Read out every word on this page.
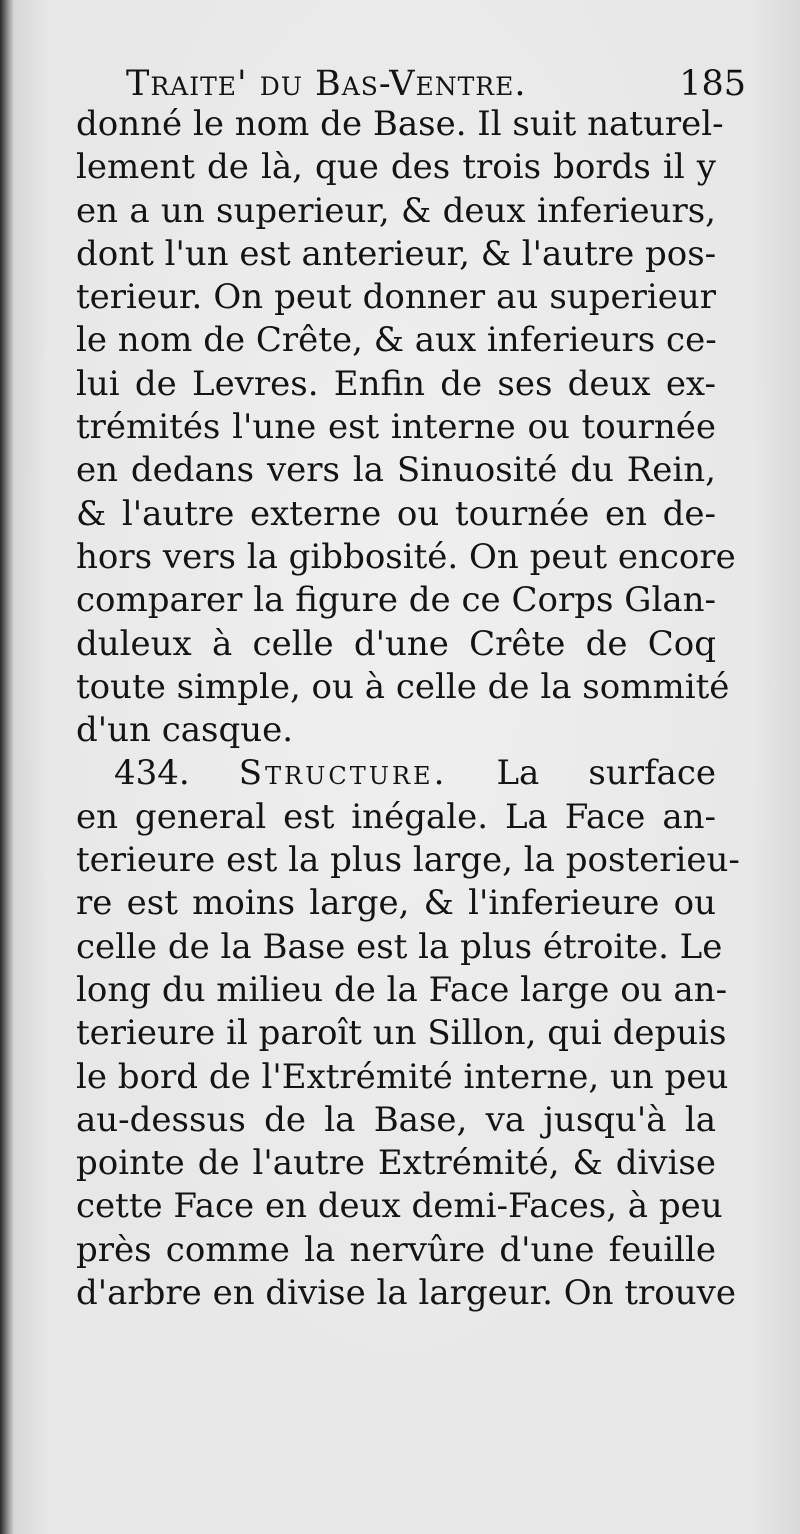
Traite' du Bas-Ventre.	185
donné le nom de Base. Il suit naturel-
lement de là, que des trois bords il y
en a un superieur, & deux inferieurs,
dont l'un est anterieur, & l'autre pos-
terieur. On peut donner au superieur
le nom de Crête, & aux inferieurs ce-
lui de Levres. Enfin de ses deux ex-
trémités l'une est interne ou tournée
en dedans vers la Sinuosité du Rein,
& l'autre externe ou tournée en de-
hors vers la gibbosité. On peut encore
comparer la figure de ce Corps Glan-
duleux à celle d'une Crête de Coq
toute simple, ou à celle de la sommité
d'un casque.
434. Structure. La surface
en general est inégale. La Face an-
terieure est la plus large, la posterieu-
re est moins large, & l'inferieure ou
celle de la Base est la plus étroite. Le
long du milieu de la Face large ou an-
terieure il paroît un Sillon, qui depuis
le bord de l'Extrémité interne, un peu
au-dessus de la Base, va jusqu'à la
pointe de l'autre Extrémité, & divise
cette Face en deux demi-Faces, à peu
près comme la nervûre d'une feuille
d'arbre en divise la largeur. On trouve
